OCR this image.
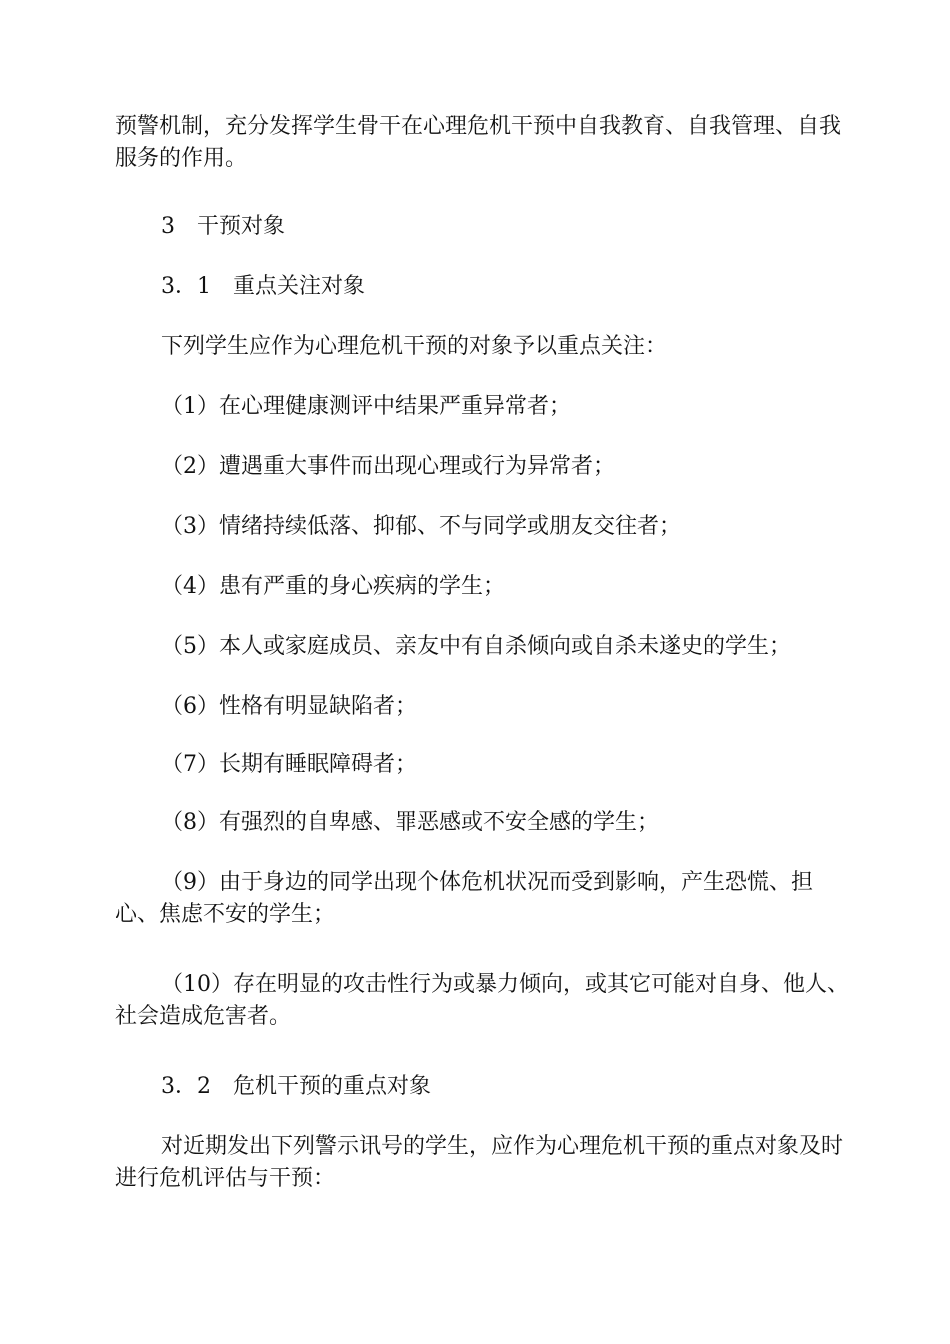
预警机制，充分发挥学生骨干在心理危机干预中自我教育、自我管理、自我服务的作用。

3　干预对象

3．1　重点关注对象

下列学生应作为心理危机干预的对象予以重点关注：

（1）在心理健康测评中结果严重异常者；

（2）遭遇重大事件而出现心理或行为异常者；

（3）情绪持续低落、抑郁、不与同学或朋友交往者；

（4）患有严重的身心疾病的学生；

（5）本人或家庭成员、亲友中有自杀倾向或自杀未遂史的学生；

（6）性格有明显缺陷者；

（7）长期有睡眠障碍者；

（8）有强烈的自卑感、罪恶感或不安全感的学生；

（9）由于身边的同学出现个体危机状况而受到影响，产生恐慌、担心、焦虑不安的学生；

（10）存在明显的攻击性行为或暴力倾向，或其它可能对自身、他人、社会造成危害者。

3．2　危机干预的重点对象

对近期发出下列警示讯号的学生，应作为心理危机干预的重点对象及时进行危机评估与干预：
